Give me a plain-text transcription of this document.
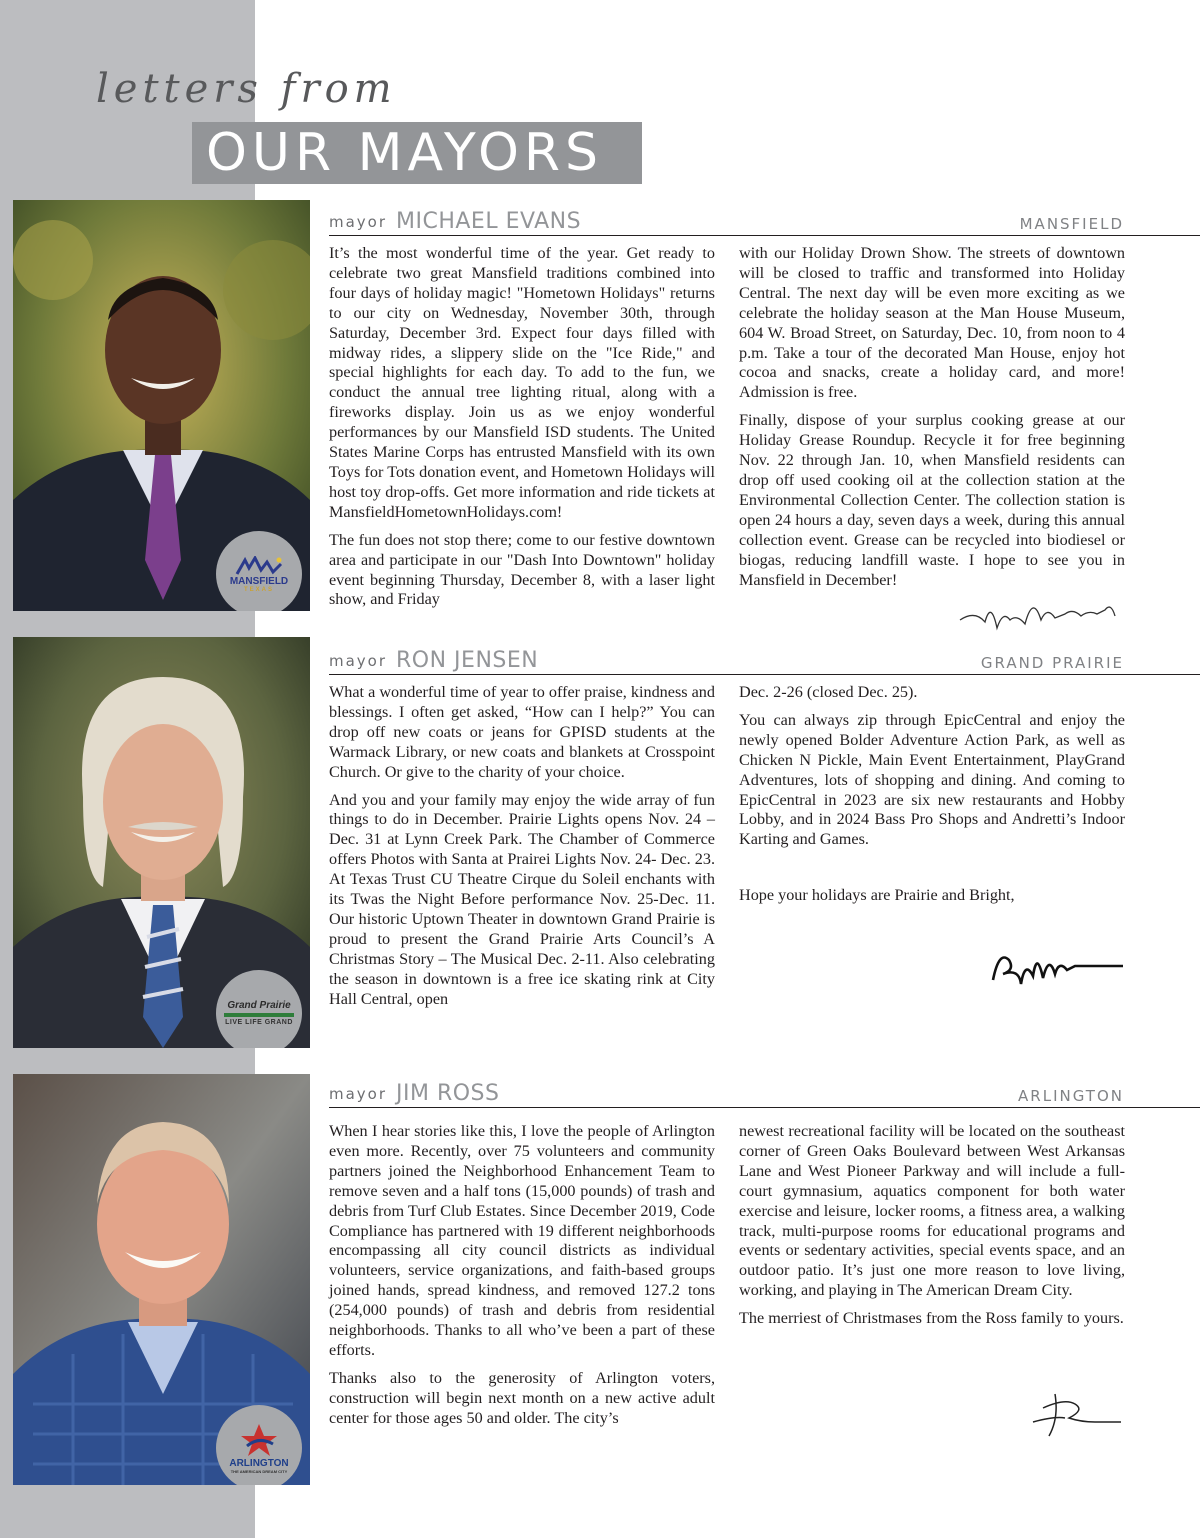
letters from
OUR MAYORS
MANSFIELD
TEXAS
mayor MICHAEL EVANS	MANSFIELD

It’s the most wonderful time of the year. Get ready to celebrate two great Mansfield traditions combined into four days of holiday magic! "Hometown Holidays" returns to our city on Wednesday, November 30th, through Saturday, December 3rd. Expect four days filled with midway rides, a slippery slide on the "Ice Ride," and special highlights for each day. To add to the fun, we conduct the annual tree lighting ritual, along with a fireworks display. Join us as we enjoy wonderful performances by our Mansfield ISD students. The United States Marine Corps has entrusted Mansfield with its own Toys for Tots donation event, and Hometown Holidays will host toy drop-offs. Get more information and ride tickets at MansfieldHometownHolidays.com!

The fun does not stop there; come to our festive downtown area and participate in our "Dash Into Downtown" holiday event beginning Thursday, December 8, with a laser light show, and Friday

with our Holiday Drown Show. The streets of downtown will be closed to traffic and transformed into Holiday Central. The next day will be even more exciting as we celebrate the holiday season at the Man House Museum, 604 W. Broad Street, on Saturday, Dec. 10, from noon to 4 p.m. Take a tour of the decorated Man House, enjoy hot cocoa and snacks, create a holiday card, and more! Admission is free.

Finally, dispose of your surplus cooking grease at our Holiday Grease Roundup. Recycle it for free beginning Nov. 22 through Jan. 10, when Mansfield residents can drop off used cooking oil at the collection station at the Environmental Collection Center. The collection station is open 24 hours a day, seven days a week, during this annual collection event. Grease can be recycled into biodiesel or biogas, reducing landfill waste. I hope to see you in Mansfield in December!

Grand Prairie
LIVE LIFE GRAND
mayor RON JENSEN	GRAND PRAIRIE

What a wonderful time of year to offer praise, kindness and blessings. I often get asked, “How can I help?” You can drop off new coats or jeans for GPISD students at the Warmack Library, or new coats and blankets at Crosspoint Church. Or give to the charity of your choice.

And you and your family may enjoy the wide array of fun things to do in December. Prairie Lights opens Nov. 24 – Dec. 31 at Lynn Creek Park. The Chamber of Commerce offers Photos with Santa at Prairei Lights Nov. 24- Dec. 23. At Texas Trust CU Theatre Cirque du Soleil enchants with its Twas the Night Before performance Nov. 25-Dec. 11. Our historic Uptown Theater in downtown Grand Prairie is proud to present the Grand Prairie Arts Council’s A Christmas Story – The Musical Dec. 2-11. Also celebrating the season in downtown is a free ice skating rink at City Hall Central, open

Dec. 2-26 (closed Dec. 25).

You can always zip through EpicCentral and enjoy the newly opened Bolder Adventure Action Park, as well as Chicken N Pickle, Main Event Entertainment, PlayGrand Adventures, lots of shopping and dining. And coming to EpicCentral in 2023 are six new restaurants and Hobby Lobby, and in 2024 Bass Pro Shops and Andretti’s Indoor Karting and Games.

Hope your holidays are Prairie and Bright,

ARLINGTON
THE AMERICAN DREAM CITY
mayor JIM ROSS	ARLINGTON

When I hear stories like this, I love the people of Arlington even more. Recently, over 75 volunteers and community partners joined the Neighborhood Enhancement Team to remove seven and a half tons (15,000 pounds) of trash and debris from Turf Club Estates. Since December 2019, Code Compliance has partnered with 19 different neighborhoods encompassing all city council districts as individual volunteers, service organizations, and faith-based groups joined hands, spread kindness, and removed 127.2 tons (254,000 pounds) of trash and debris from residential neighborhoods. Thanks to all who’ve been a part of these efforts.

Thanks also to the generosity of Arlington voters, construction will begin next month on a new active adult center for those ages 50 and older. The city’s

newest recreational facility will be located on the southeast corner of Green Oaks Boulevard between West Arkansas Lane and West Pioneer Parkway and will include a full-court gymnasium, aquatics component for both water exercise and leisure, locker rooms, a fitness area, a walking track, multi-purpose rooms for educational programs and events or sedentary activities, special events space, and an outdoor patio. It’s just one more reason to love living, working, and playing in The American Dream City.

The merriest of Christmases from the Ross family to yours.
